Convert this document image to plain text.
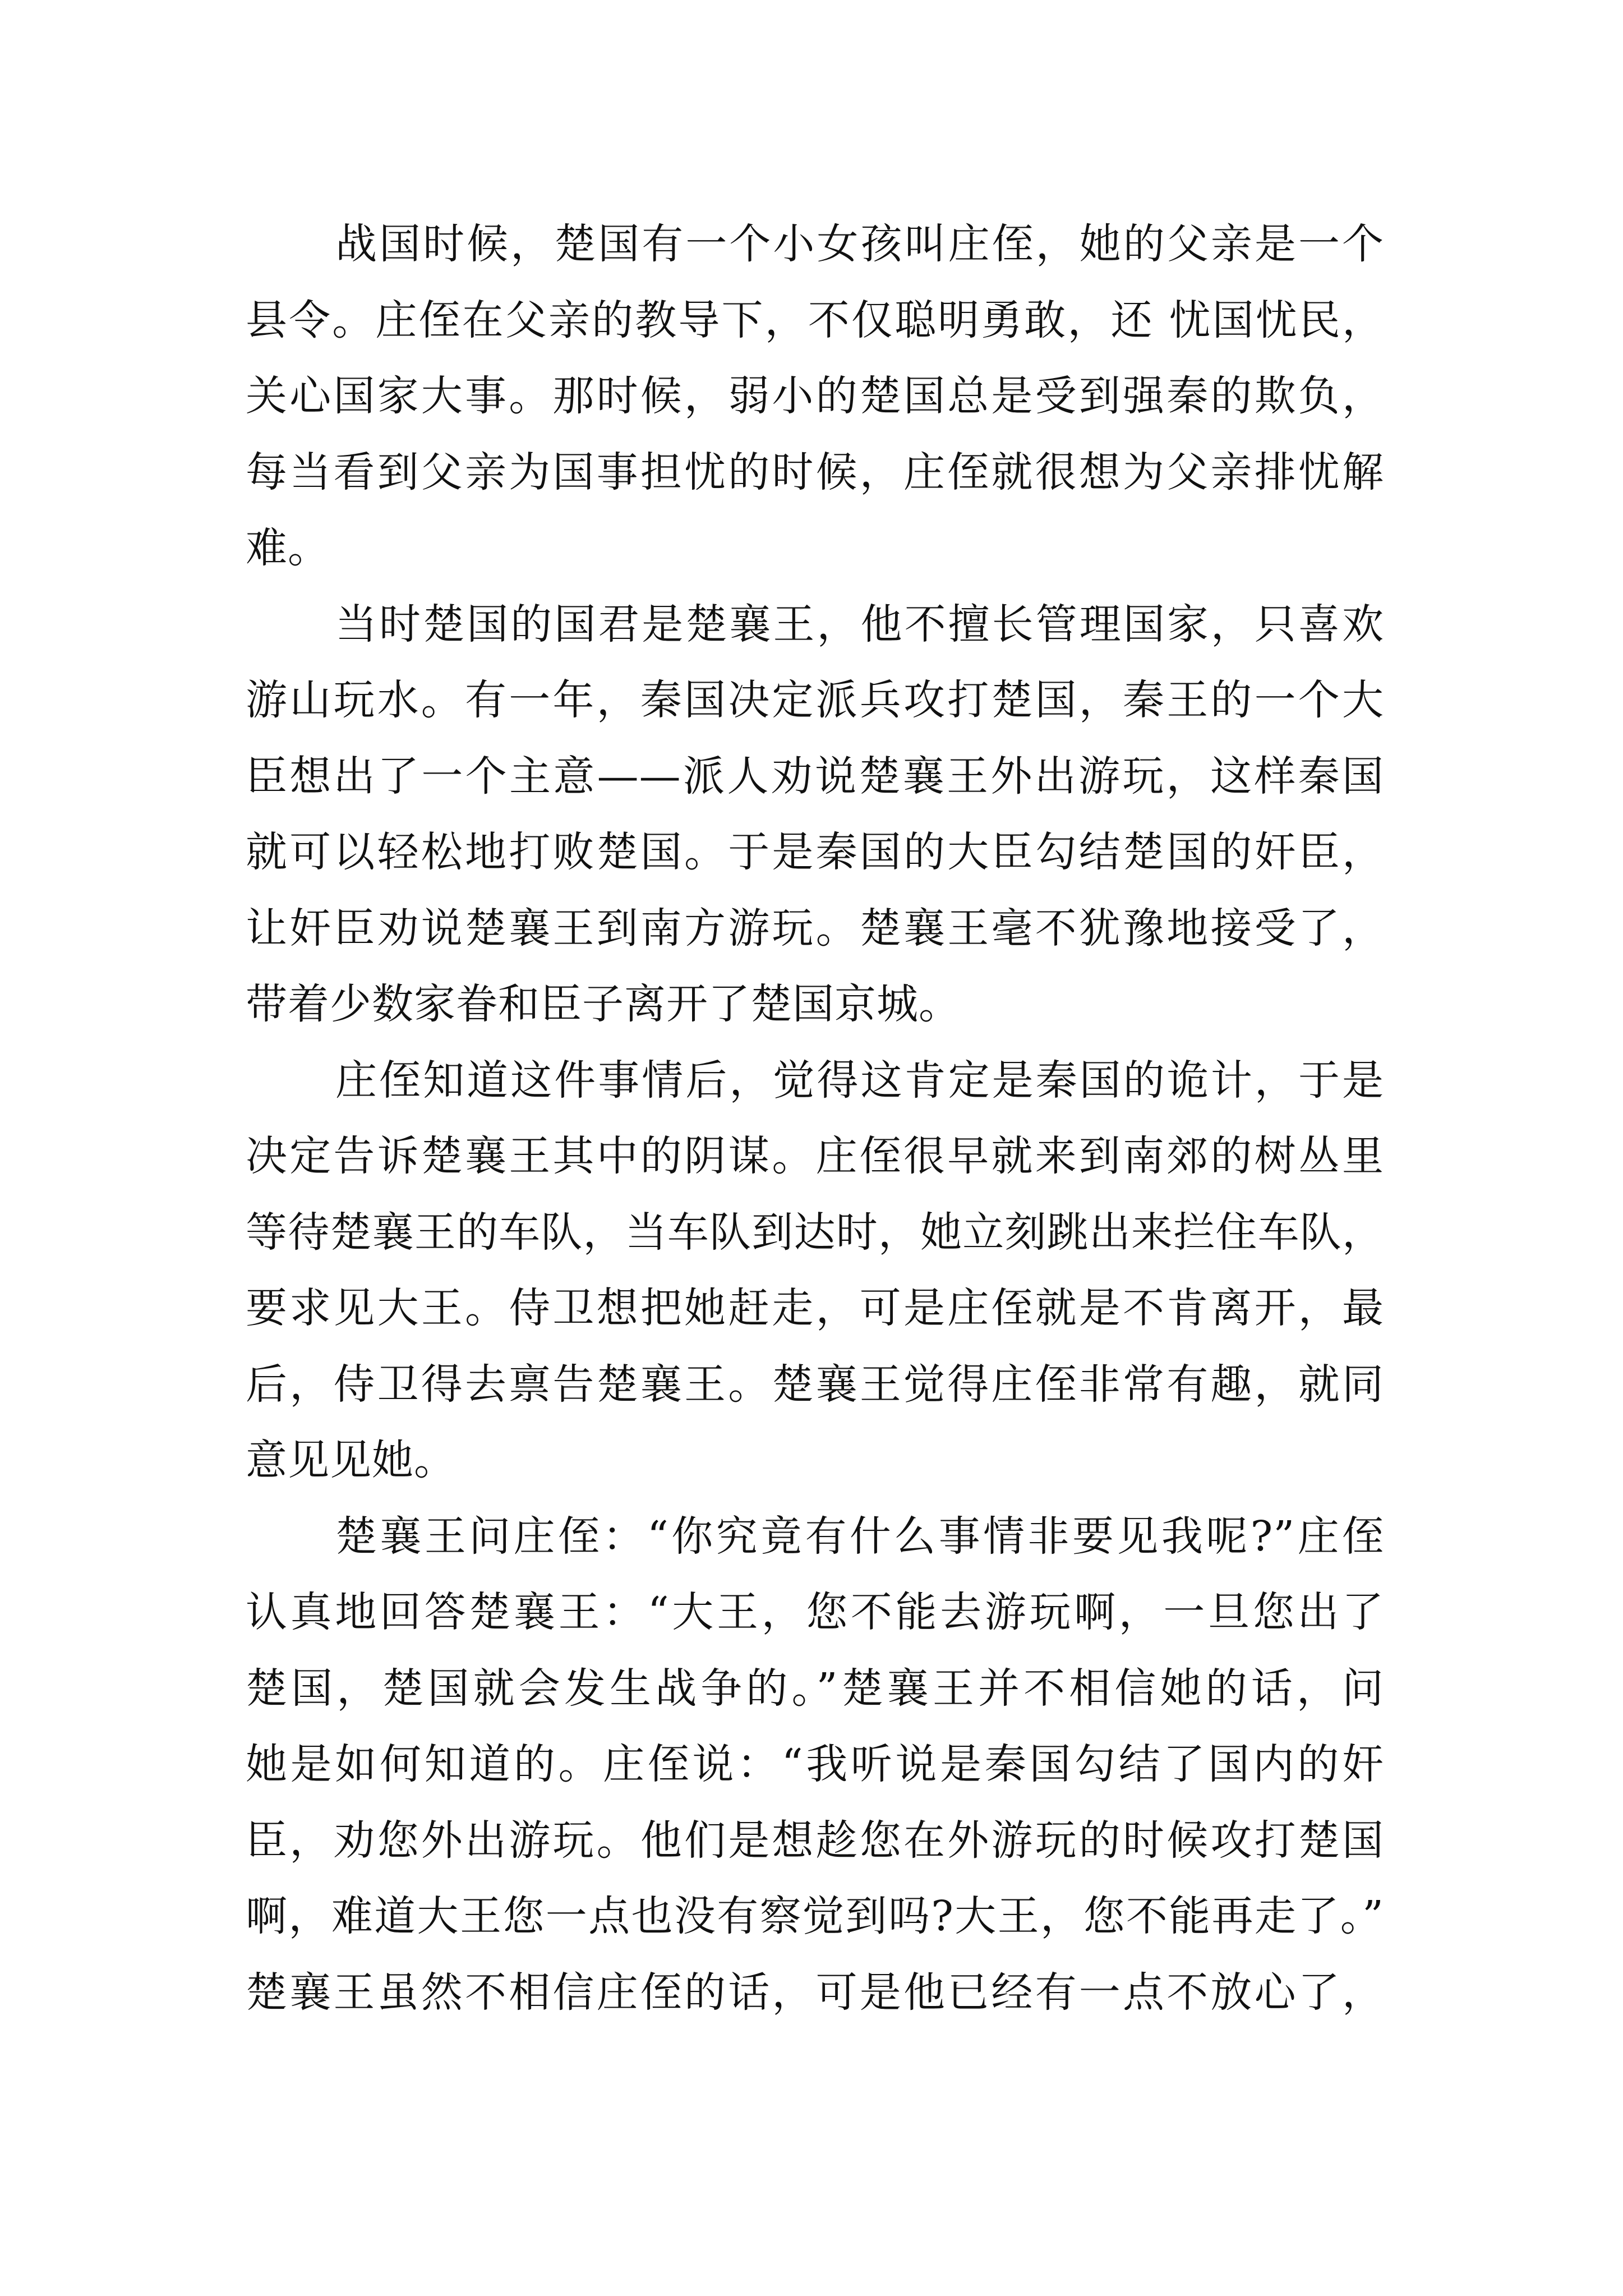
战国时候，楚国有一个小女孩叫庄侄，她的父亲是一个
县令。庄侄在父亲的教导下，不仅聪明勇敢，还 忧国忧民，
关心国家大事。那时候，弱小的楚国总是受到强秦的欺负，
每当看到父亲为国事担忧的时候，庄侄就很想为父亲排忧解
难。
当时楚国的国君是楚襄王，他不擅长管理国家，只喜欢
游山玩水。有一年，秦国决定派兵攻打楚国，秦王的一个大
臣想出了一个主意——派人劝说楚襄王外出游玩，这样秦国
就可以轻松地打败楚国。于是秦国的大臣勾结楚国的奸臣，
让奸臣劝说楚襄王到南方游玩。楚襄王毫不犹豫地接受了，
带着少数家眷和臣子离开了楚国京城。
庄侄知道这件事情后，觉得这肯定是秦国的诡计，于是
决定告诉楚襄王其中的阴谋。庄侄很早就来到南郊的树丛里
等待楚襄王的车队，当车队到达时，她立刻跳出来拦住车队，
要求见大王。侍卫想把她赶走，可是庄侄就是不肯离开，最
后，侍卫得去禀告楚襄王。楚襄王觉得庄侄非常有趣，就同
意见见她。
楚襄王问庄侄：“你究竟有什么事情非要见我呢?”庄侄
认真地回答楚襄王：“大王，您不能去游玩啊，一旦您出了
楚国，楚国就会发生战争的。”楚襄王并不相信她的话，问
她是如何知道的。庄侄说：“我听说是秦国勾结了国内的奸
臣，劝您外出游玩。他们是想趁您在外游玩的时候攻打楚国
啊，难道大王您一点也没有察觉到吗?大王，您不能再走了。”
楚襄王虽然不相信庄侄的话，可是他已经有一点不放心了，
